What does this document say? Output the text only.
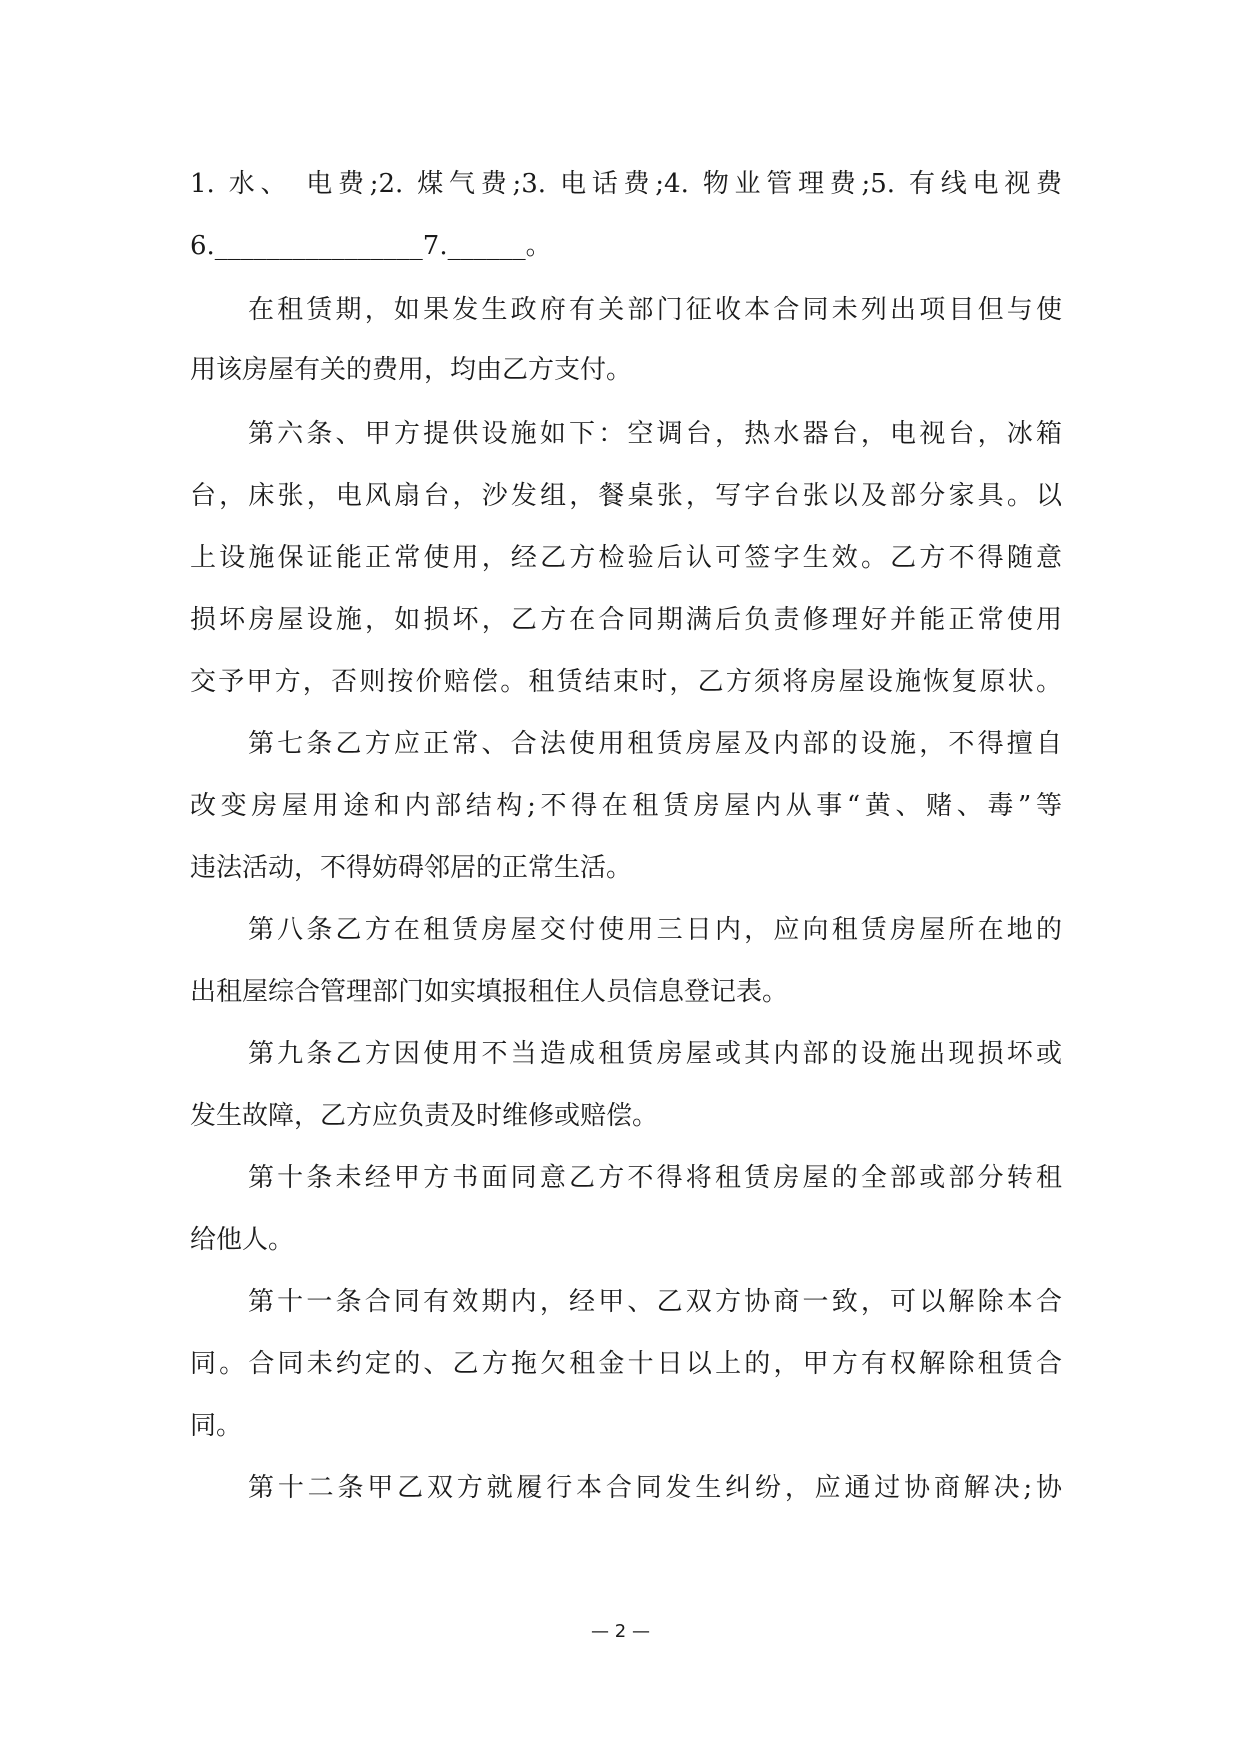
1. 水、 电费;2. 煤气费;3. 电话费;4. 物业管理费;5. 有线电视费
6.________________7.______。
在租赁期，如果发生政府有关部门征收本合同未列出项目但与使
用该房屋有关的费用，均由乙方支付。
第六条、甲方提供设施如下：空调台，热水器台，电视台，冰箱
台，床张，电风扇台，沙发组，餐桌张，写字台张以及部分家具。以
上设施保证能正常使用，经乙方检验后认可签字生效。乙方不得随意
损坏房屋设施，如损坏，乙方在合同期满后负责修理好并能正常使用
交予甲方，否则按价赔偿。租赁结束时，乙方须将房屋设施恢复原状。
第七条乙方应正常、合法使用租赁房屋及内部的设施，不得擅自
改变房屋用途和内部结构;不得在租赁房屋内从事“黄、赌、毒”等
违法活动，不得妨碍邻居的正常生活。
第八条乙方在租赁房屋交付使用三日内，应向租赁房屋所在地的
出租屋综合管理部门如实填报租住人员信息登记表。
第九条乙方因使用不当造成租赁房屋或其内部的设施出现损坏或
发生故障，乙方应负责及时维修或赔偿。
第十条未经甲方书面同意乙方不得将租赁房屋的全部或部分转租
给他人。
第十一条合同有效期内，经甲、乙双方协商一致，可以解除本合
同。合同未约定的、乙方拖欠租金十日以上的，甲方有权解除租赁合
同。
第十二条甲乙双方就履行本合同发生纠纷，应通过协商解决;协
— 2 —
